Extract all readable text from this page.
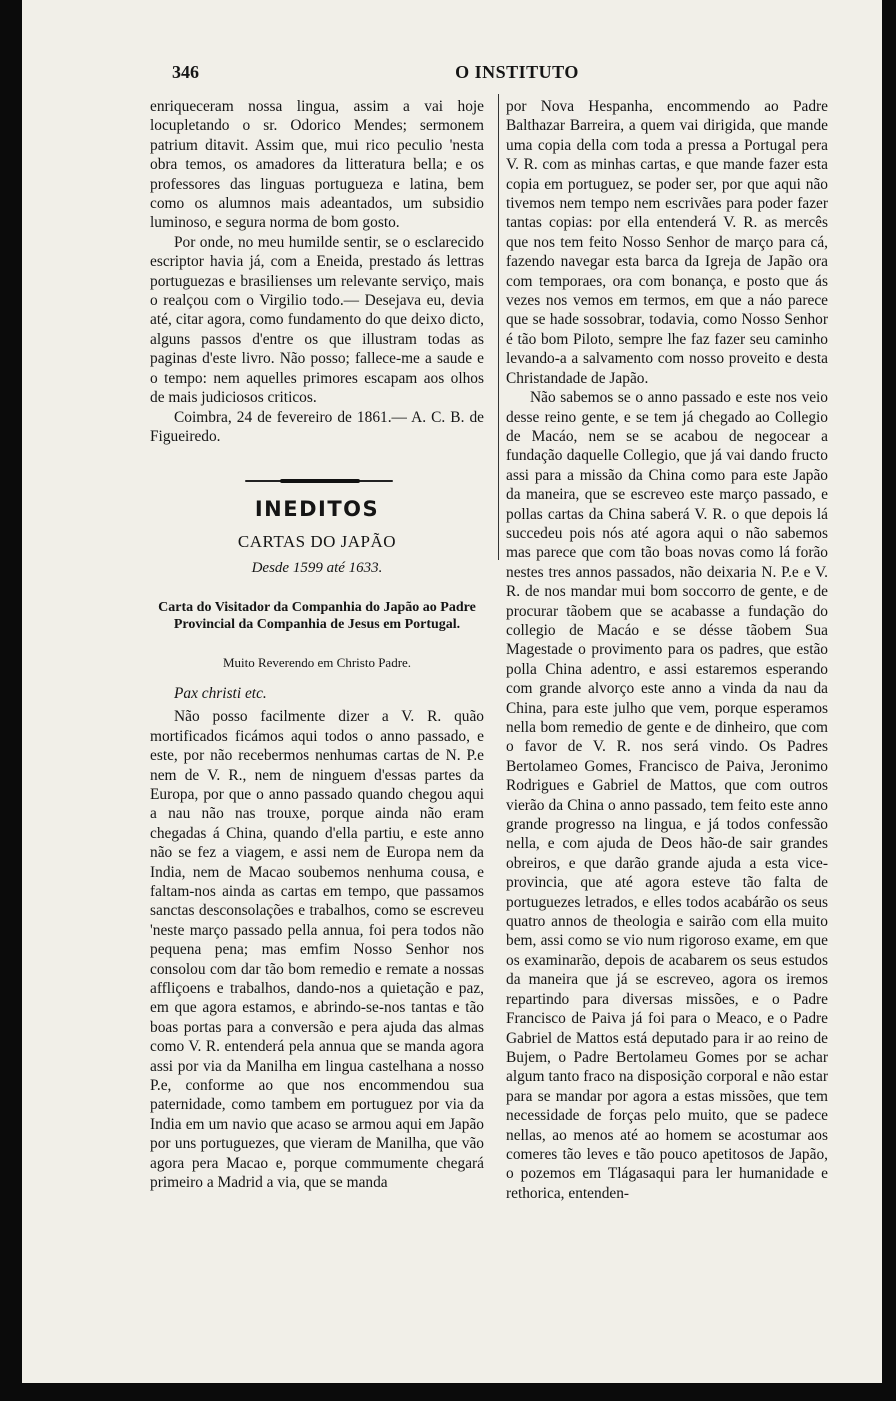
346	O INSTITUTO

enriqueceram nossa lingua, assim a vai hoje locupletando o sr. Odorico Mendes; sermonem patrium ditavit. Assim que, mui rico peculio 'nesta obra temos, os amadores da litteratura bella; e os professores das linguas portugueza e latina, bem como os alumnos mais adeantados, um subsidio luminoso, e segura norma de bom gosto.

Por onde, no meu humilde sentir, se o esclarecido escriptor havia já, com a Eneida, prestado ás lettras portuguezas e brasilienses um relevante serviço, mais o realçou com o Virgilio todo.— Desejava eu, devia até, citar agora, como fundamento do que deixo dicto, alguns passos d'entre os que illustram todas as paginas d'este livro. Não posso; fallece-me a saude e o tempo: nem aquelles primores escapam aos olhos de mais judiciosos criticos.

Coimbra, 24 de fevereiro de 1861.— A. C. B. de Figueiredo.

INEDITOS
CARTAS DO JAPÃO
Desde 1599 até 1633.
Carta do Visitador da Companhia do Japão ao Padre Provincial da Companhia de Jesus em Portugal.
Muito Reverendo em Christo Padre.

Pax christi etc.

Não posso facilmente dizer a V. R. quão mortificados ficámos aqui todos o anno passado, e este, por não recebermos nenhumas cartas de N. P.e nem de V. R., nem de ninguem d'essas partes da Europa, por que o anno passado quando chegou aqui a nau não nas trouxe, porque ainda não eram chegadas á China, quando d'ella partiu, e este anno não se fez a viagem, e assi nem de Europa nem da India, nem de Macao soubemos nenhuma cousa, e faltam-nos ainda as cartas em tempo, que passamos sanctas desconsolações e trabalhos, como se escreveu 'neste março passado pella annua, foi pera todos não pequena pena; mas emfim Nosso Senhor nos consolou com dar tão bom remedio e remate a nossas affliçoens e trabalhos, dando-nos a quietação e paz, em que agora estamos, e abrindo-se-nos tantas e tão boas portas para a conversão e pera ajuda das almas como V. R. entenderá pela annua que se manda agora assi por via da Manilha em lingua castelhana a nosso P.e, conforme ao que nos encommendou sua paternidade, como tambem em portuguez por via da India em um navio que acaso se armou aqui em Japão por uns portuguezes, que vieram de Manilha, que vão agora pera Macao e, porque commumente chegará primeiro a Madrid a via, que se manda

por Nova Hespanha, encommendo ao Padre Balthazar Barreira, a quem vai dirigida, que mande uma copia della com toda a pressa a Portugal pera V. R. com as minhas cartas, e que mande fazer esta copia em portuguez, se poder ser, por que aqui não tivemos nem tempo nem escrivães para poder fazer tantas copias: por ella entenderá V. R. as mercês que nos tem feito Nosso Senhor de março para cá, fazendo navegar esta barca da Igreja de Japão ora com temporaes, ora com bonança, e posto que ás vezes nos vemos em termos, em que a náo parece que se hade sossobrar, todavia, como Nosso Senhor é tão bom Piloto, sempre lhe faz fazer seu caminho levando-a a salvamento com nosso proveito e desta Christandade de Japão.

Não sabemos se o anno passado e este nos veio desse reino gente, e se tem já chegado ao Collegio de Macáo, nem se se acabou de negocear a fundação daquelle Collegio, que já vai dando fructo assi para a missão da China como para este Japão da maneira, que se escreveo este março passado, e pollas cartas da China saberá V. R. o que depois lá succedeu pois nós até agora aqui o não sabemos mas parece que com tão boas novas como lá forão nestes tres annos passados, não deixaria N. P.e e V. R. de nos mandar mui bom soccorro de gente, e de procurar tãobem que se acabasse a fundação do collegio de Macáo e se désse tãobem Sua Magestade o provimento para os padres, que estão polla China adentro, e assi estaremos esperando com grande alvorço este anno a vinda da nau da China, para este julho que vem, porque esperamos nella bom remedio de gente e de dinheiro, que com o favor de V. R. nos será vindo. Os Padres Bertolameo Gomes, Francisco de Paiva, Jeronimo Rodrigues e Gabriel de Mattos, que com outros vierão da China o anno passado, tem feito este anno grande progresso na lingua, e já todos confessão nella, e com ajuda de Deos hão-de sair grandes obreiros, e que darão grande ajuda a esta vice-provincia, que até agora esteve tão falta de portuguezes letrados, e elles todos acabárão os seus quatro annos de theologia e sairão com ella muito bem, assi como se vio num rigoroso exame, em que os examinarão, depois de acabarem os seus estudos da maneira que já se escreveo, agora os iremos repartindo para diversas missões, e o Padre Francisco de Paiva já foi para o Meaco, e o Padre Gabriel de Mattos está deputado para ir ao reino de Bujem, o Padre Bertolameu Gomes por se achar algum tanto fraco na disposição corporal e não estar para se mandar por agora a estas missões, que tem necessidade de forças pelo muito, que se padece nellas, ao menos até ao homem se acostumar aos comeres tão leves e tão pouco apetitosos de Japão, o pozemos em Tlágasaqui para ler humanidade e rethorica, entenden-
